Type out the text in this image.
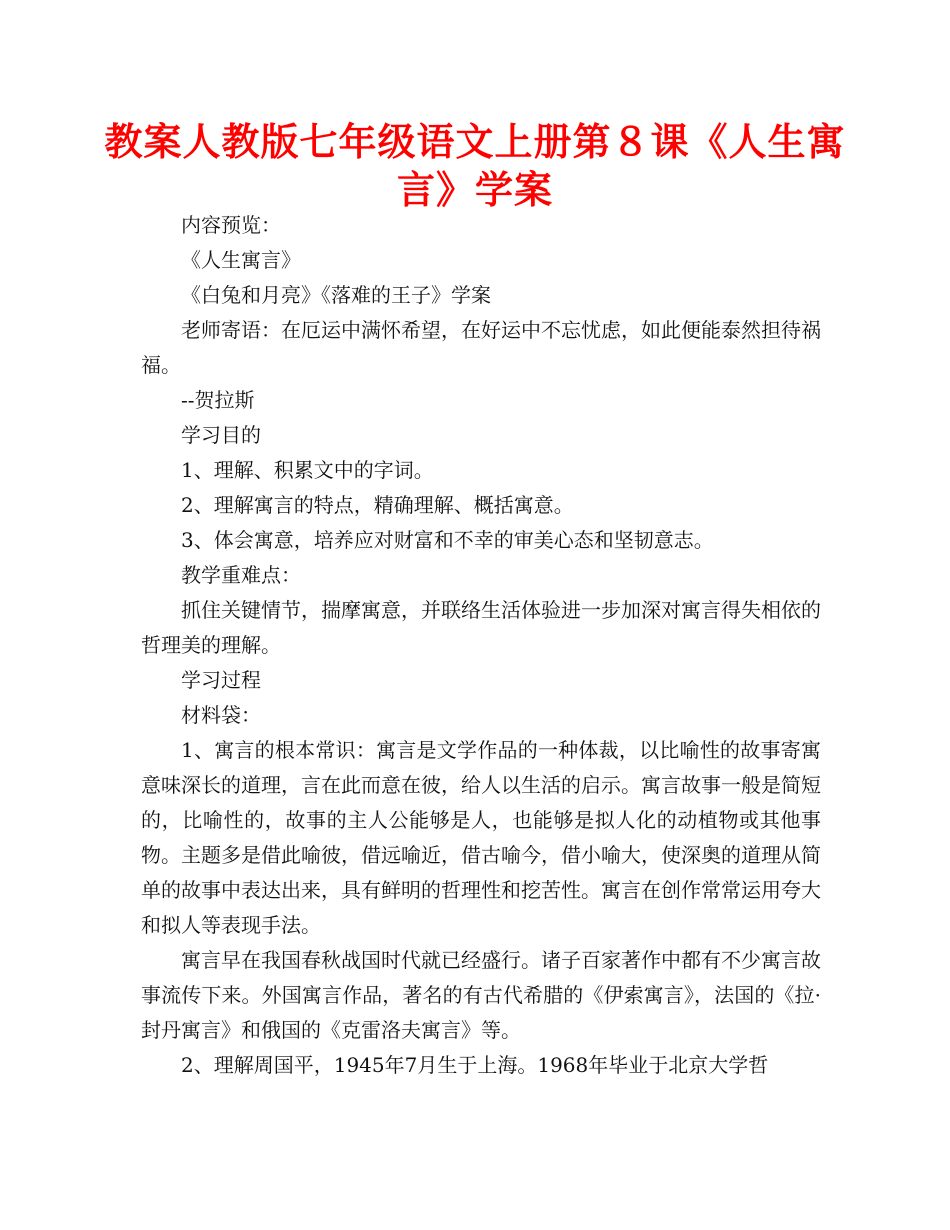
教案人教版七年级语文上册第８课《人生寓言》学案

内容预览：

《人生寓言》

《白兔和月亮》《落难的王子》学案

老师寄语：在厄运中满怀希望，在好运中不忘忧虑，如此便能泰然担待祸福。

--贺拉斯

学习目的

1、理解、积累文中的字词。

2、理解寓言的特点，精确理解、概括寓意。

3、体会寓意，培养应对财富和不幸的审美心态和坚韧意志。

教学重难点：

抓住关键情节，揣摩寓意，并联络生活体验进一步加深对寓言得失相依的哲理美的理解。

学习过程

材料袋：

1、寓言的根本常识：寓言是文学作品的一种体裁，以比喻性的故事寄寓意味深长的道理，言在此而意在彼，给人以生活的启示。寓言故事一般是简短的，比喻性的，故事的主人公能够是人，也能够是拟人化的动植物或其他事物。主题多是借此喻彼，借远喻近，借古喻今，借小喻大，使深奥的道理从简单的故事中表达出来，具有鲜明的哲理性和挖苦性。寓言在创作常常运用夸大和拟人等表现手法。

寓言早在我国春秋战国时代就已经盛行。诸子百家著作中都有不少寓言故事流传下来。外国寓言作品，著名的有古代希腊的《伊索寓言》，法国的《拉·封丹寓言》和俄国的《克雷洛夫寓言》等。

2、理解周国平，1945年7月生于上海。1968年毕业于北京大学哲
